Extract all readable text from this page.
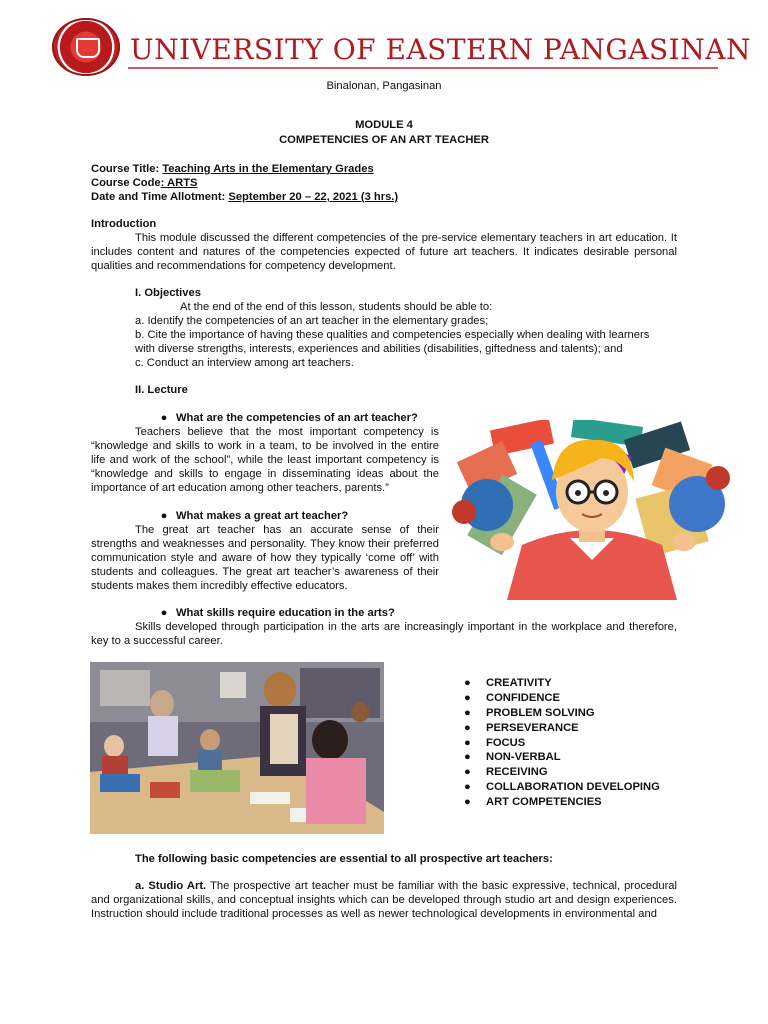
UNIVERSITY OF EASTERN PANGASINAN
Binalonan, Pangasinan
MODULE 4
COMPETENCIES OF AN ART TEACHER
Course Title: Teaching Arts in the Elementary Grades
Course Code: ARTS
Date and Time Allotment: September 20 – 22, 2021 (3 hrs.)
Introduction
This module discussed the different competencies of the pre-service elementary teachers in art education. It includes content and natures of the competencies expected of future art teachers. It indicates desirable personal qualities and recommendations for competency development.
I. Objectives
At the end of the end of this lesson, students should be able to:
a. Identify the competencies of an art teacher in the elementary grades;
b. Cite the importance of having these qualities and competencies especially when dealing with learners
with diverse strengths, interests, experiences and abilities (disabilities, giftedness and talents); and
c. Conduct an interview among art teachers.
II. Lecture
● What are the competencies of an art teacher?
Teachers believe that the most important competency is “knowledge and skills to work in a team, to be involved in the entire life and work of the school”, while the least important competency is “knowledge and skills to engage in disseminating ideas about the importance of art education among other teachers, parents.”
● What makes a great art teacher?
The great art teacher has an accurate sense of their strengths and weaknesses and personality. They know their preferred communication style and aware of how they typically ‘come off’ with students and colleagues. The great art teacher’s awareness of their students makes them incredibly effective educators.
● What skills require education in the arts?
Skills developed through participation in the arts are increasingly important in the workplace and therefore, key to a successful career.
● CREATIVITY
● CONFIDENCE
● PROBLEM SOLVING
● PERSEVERANCE
● FOCUS
● NON-VERBAL
● RECEIVING
● COLLABORATION DEVELOPING
● ART COMPETENCIES
The following basic competencies are essential to all prospective art teachers:
a. Studio Art. The prospective art teacher must be familiar with the basic expressive, technical, procedural and organizational skills, and conceptual insights which can be developed through studio art and design experiences. Instruction should include traditional processes as well as newer technological developments in environmental and
